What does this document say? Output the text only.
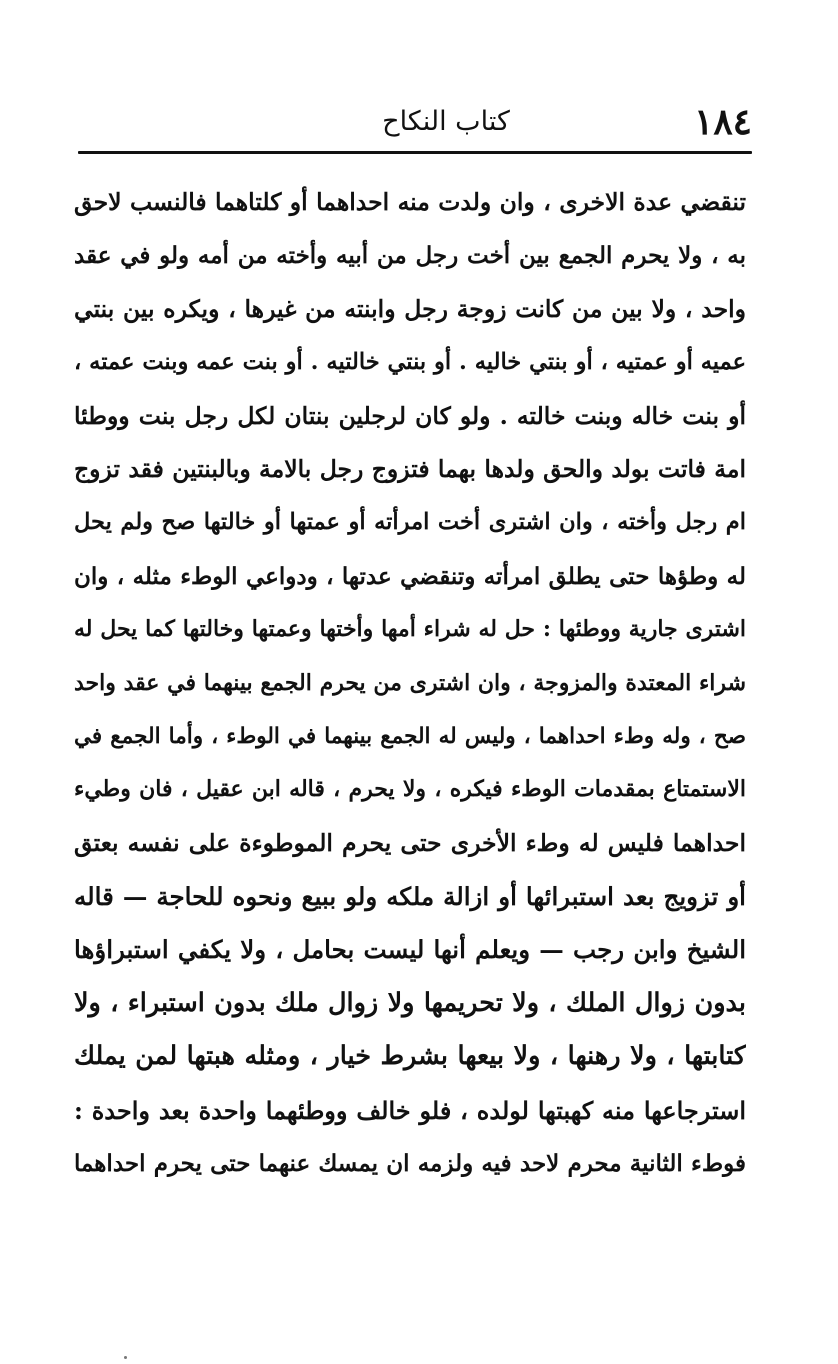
١٨٤
كتاب النكاح
تنقضي عدة الاخرى ، وان ولدت منه احداهما أو كلتاهما فالنسب لاحق
به ، ولا يحرم الجمع بين أخت رجل من أبيه وأخته من أمه ولو في عقد
واحد ، ولا بين من كانت زوجة رجل وابنته من غيرها ، ويكره بين بنتي
عميه أو عمتيه ، أو بنتي خاليه . أو بنتي خالتيه . أو بنت عمه وبنت عمته ،
أو بنت خاله وبنت خالته . ولو كان لرجلين بنتان لكل رجل بنت ووطئا
امة فاتت بولد والحق ولدها بهما فتزوج رجل بالامة وبالبنتين فقد تزوج
ام رجل وأخته ، وان اشترى أخت امرأته أو عمتها أو خالتها صح ولم يحل
له وطؤها حتى يطلق امرأته وتنقضي عدتها ، ودواعي الوطء مثله ، وان
اشترى جارية ووطئها : حل له شراء أمها وأختها وعمتها وخالتها كما يحل له
شراء المعتدة والمزوجة ، وان اشترى من يحرم الجمع بينهما في عقد واحد
صح ، وله وطء احداهما ، وليس له الجمع بينهما في الوطء ، وأما الجمع في
الاستمتاع بمقدمات الوطء فيكره ، ولا يحرم ، قاله ابن عقيل ، فان وطيء
احداهما فليس له وطء الأخرى حتى يحرم الموطوءة على نفسه بعتق
أو تزويج بعد استبرائها أو ازالة ملكه ولو ببيع ونحوه للحاجة — قاله
الشيخ وابن رجب — ويعلم أنها ليست بحامل ، ولا يكفي استبراؤها
بدون زوال الملك ، ولا تحريمها ولا زوال ملك بدون استبراء ، ولا
كتابتها ، ولا رهنها ، ولا بيعها بشرط خيار ، ومثله هبتها لمن يملك
استرجاعها منه كهبتها لولده ، فلو خالف ووطئهما واحدة بعد واحدة :
فوطء الثانية محرم لاحد فيه ولزمه ان يمسك عنهما حتى يحرم احداهما
